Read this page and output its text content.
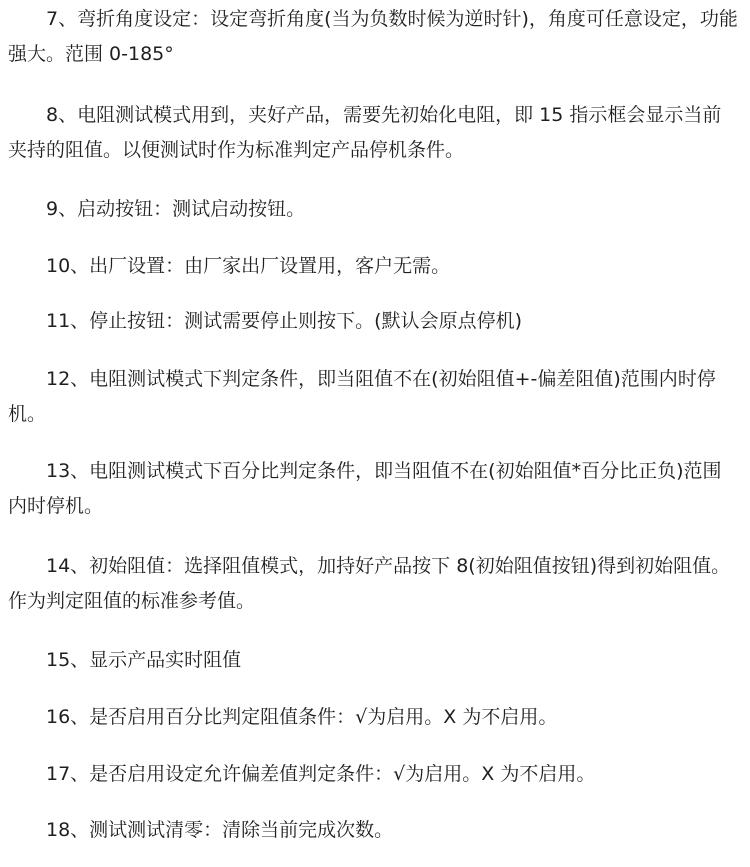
7、弯折角度设定：设定弯折角度(当为负数时候为逆时针)，角度可任意设定，功能强大。范围 0-185°

8、电阻测试模式用到，夹好产品，需要先初始化电阻，即 15 指示框会显示当前夹持的阻值。以便测试时作为标准判定产品停机条件。

9、启动按钮：测试启动按钮。

10、出厂设置：由厂家出厂设置用，客户无需。

11、停止按钮：测试需要停止则按下。(默认会原点停机)

12、电阻测试模式下判定条件，即当阻值不在(初始阻值+-偏差阻值)范围内时停机。

13、电阻测试模式下百分比判定条件，即当阻值不在(初始阻值*百分比正负)范围内时停机。

14、初始阻值：选择阻值模式，加持好产品按下 8(初始阻值按钮)得到初始阻值。作为判定阻值的标准参考值。

15、显示产品实时阻值

16、是否启用百分比判定阻值条件：√为启用。X 为不启用。

17、是否启用设定允许偏差值判定条件：√为启用。X 为不启用。

18、测试测试清零：清除当前完成次数。
